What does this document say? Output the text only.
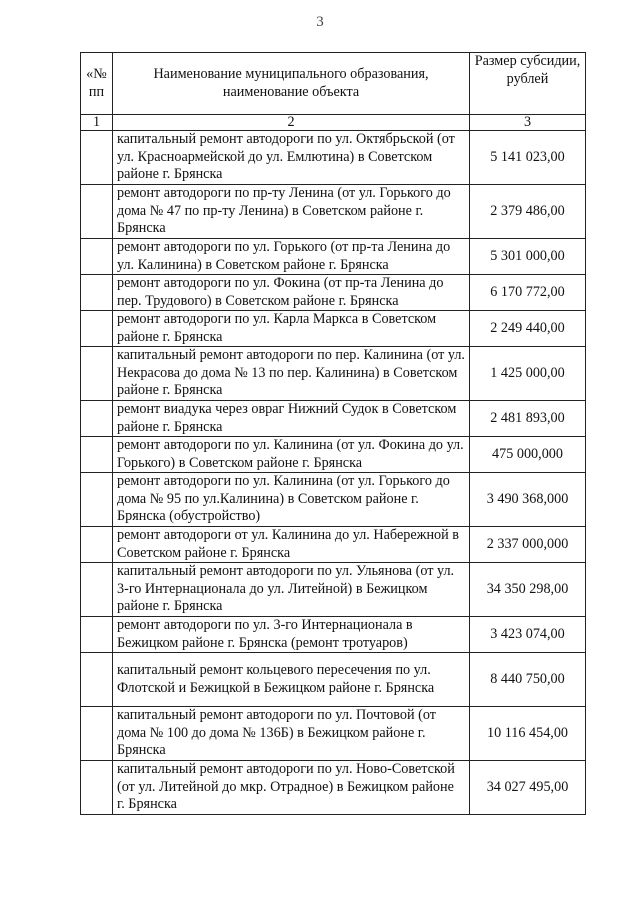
3
«№ пп	Наименование муниципального образования, наименование объекта	Размер субсидии, рублей
1	2	3
	капитальный ремонт автодороги по ул. Октябрьской (от ул. Красноармейской до ул. Емлютина) в Советском районе г. Брянска	5 141 023,00
	ремонт автодороги по пр-ту Ленина (от ул. Горького до дома № 47 по пр-ту Ленина) в Советском районе г. Брянска	2 379 486,00
	ремонт автодороги по ул. Горького (от пр-та Ленина до ул. Калинина) в Советском районе г. Брянска	5 301 000,00
	ремонт автодороги по ул. Фокина (от пр-та Ленина до пер. Трудового) в Советском районе г. Брянска	6 170 772,00
	ремонт автодороги по ул. Карла Маркса в Советском районе г. Брянска	2 249 440,00
	капитальный ремонт автодороги по пер. Калинина (от ул. Некрасова до дома № 13 по пер. Калинина) в Советском районе г. Брянска	1 425 000,00
	ремонт виадука через овраг Нижний Судок в Советском районе г. Брянска	2 481 893,00
	ремонт автодороги по ул. Калинина (от ул. Фокина до ул. Горького) в Советском районе г. Брянска	475 000,000
	ремонт автодороги по ул. Калинина (от ул. Горького до дома № 95 по ул.Калинина) в Советском районе г. Брянска (обустройство)	3 490 368,000
	ремонт автодороги от ул. Калинина до ул. Набережной в Советском районе г. Брянска	2 337 000,000
	капитальный ремонт автодороги по ул. Ульянова (от ул. 3-го Интернационала до ул. Литейной) в Бежицком районе г. Брянска	34 350 298,00
	ремонт автодороги по ул. 3-го Интернационала в Бежицком районе г. Брянска (ремонт тротуаров)	3 423 074,00
	капитальный ремонт кольцевого пересечения по ул. Флотской и Бежицкой в Бежицком районе г. Брянска	8 440 750,00
	капитальный ремонт автодороги по ул. Почтовой (от дома № 100 до дома № 136Б) в Бежицком районе г. Брянска	10 116 454,00
	капитальный ремонт автодороги по ул. Ново-Советской (от ул. Литейной до мкр. Отрадное) в Бежицком районе г. Брянска	34 027 495,00
